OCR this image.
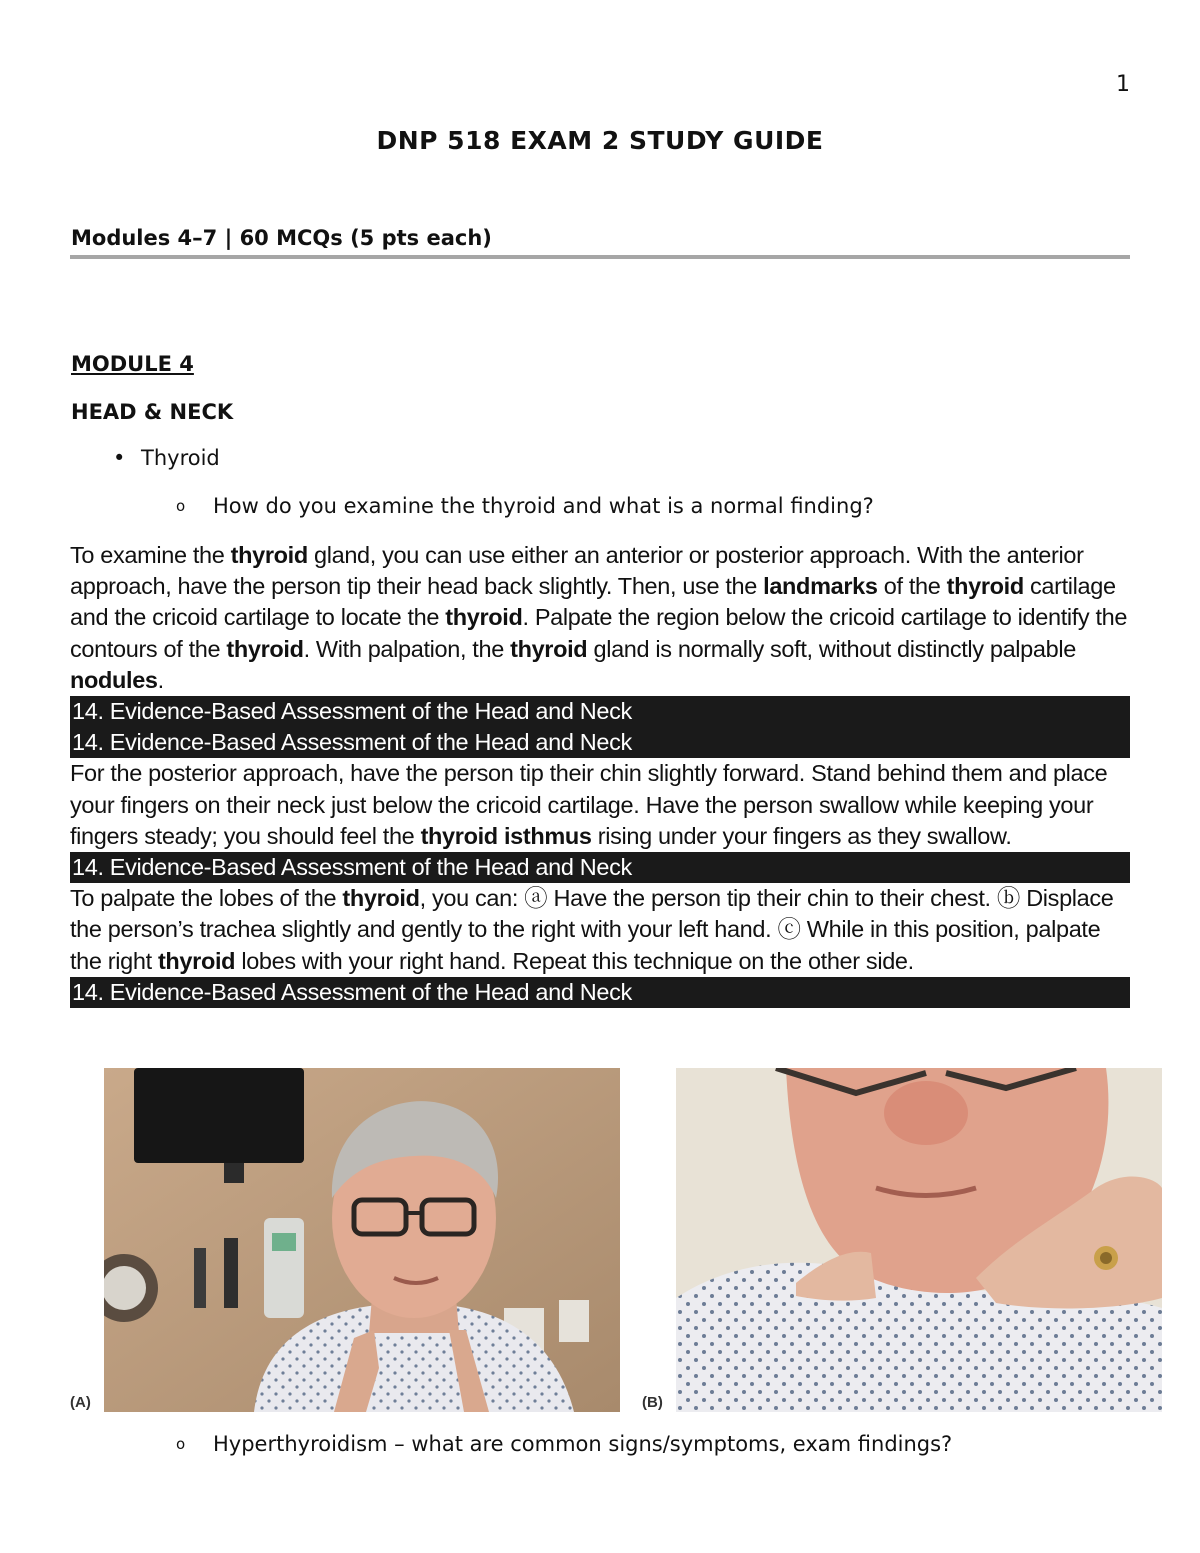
1
DNP 518 EXAM 2 STUDY GUIDE
Modules 4–7 | 60 MCQs (5 pts each)
MODULE 4
HEAD & NECK
• Thyroid
o How do you examine the thyroid and what is a normal finding?

To examine the thyroid gland, you can use either an anterior or posterior approach. With the anterior approach, have the person tip their head back slightly. Then, use the landmarks of the thyroid cartilage and the cricoid cartilage to locate the thyroid. Palpate the region below the cricoid cartilage to identify the contours of the thyroid. With palpation, the thyroid gland is normally soft, without distinctly palpable nodules.

14. Evidence-Based Assessment of the Head and Neck
14. Evidence-Based Assessment of the Head and Neck

For the posterior approach, have the person tip their chin slightly forward. Stand behind them and place your fingers on their neck just below the cricoid cartilage. Have the person swallow while keeping your fingers steady; you should feel the thyroid isthmus rising under your fingers as they swallow.

14. Evidence-Based Assessment of the Head and Neck

To palpate the lobes of the thyroid, you can: ⓐ Have the person tip their chin to their chest. ⓑ Displace the person’s trachea slightly and gently to the right with your left hand. ⓒ While in this position, palpate the right thyroid lobes with your right hand. Repeat this technique on the other side.

14. Evidence-Based Assessment of the Head and Neck
(A)	(B)
o Hyperthyroidism – what are common signs/symptoms, exam findings?
